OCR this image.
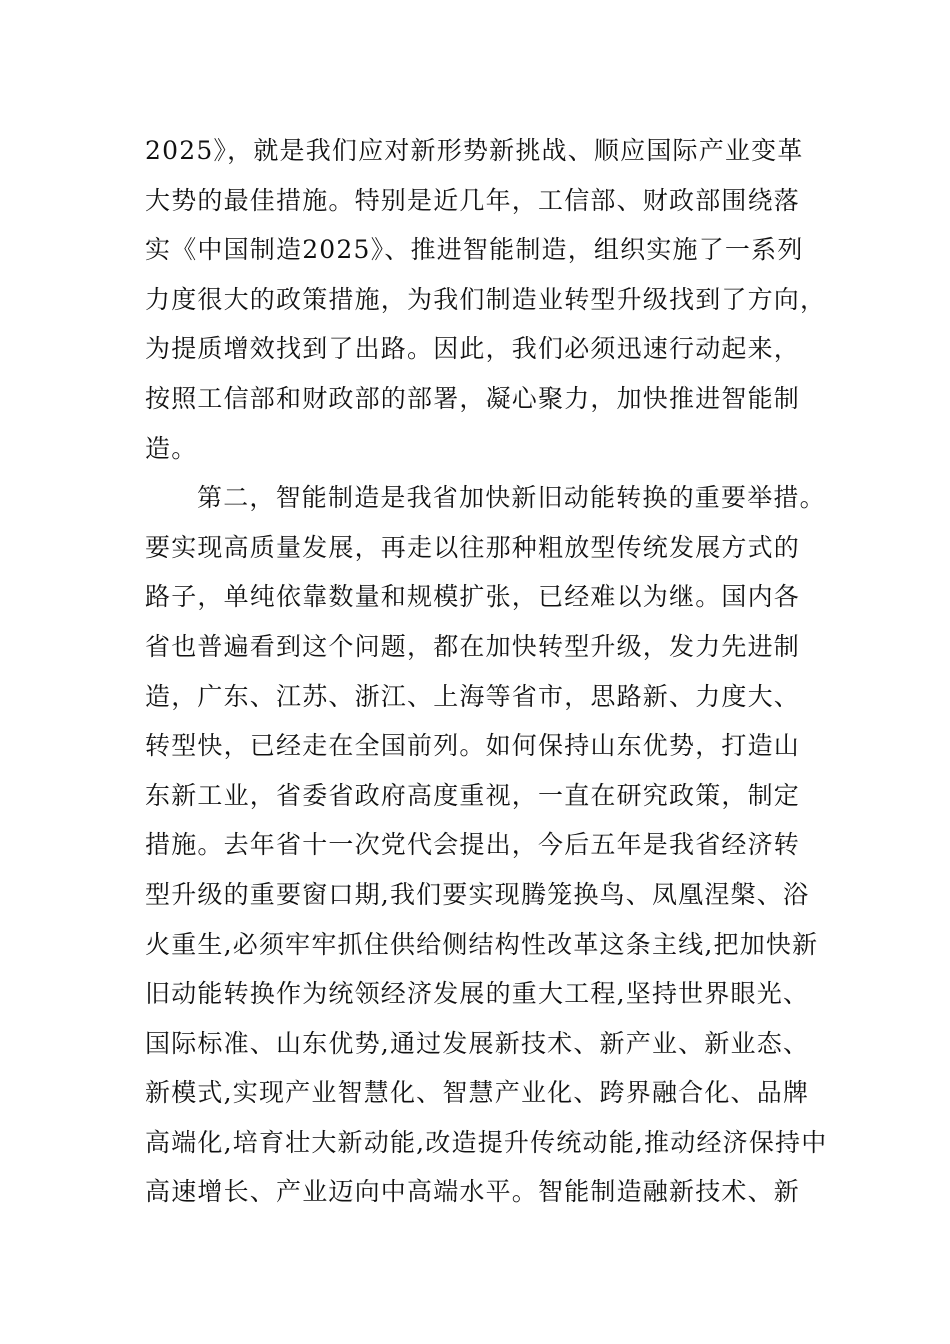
2025》，就是我们应对新形势新挑战、顺应国际产业变革
大势的最佳措施。特别是近几年，工信部、财政部围绕落
实《中国制造2025》、推进智能制造，组织实施了一系列
力度很大的政策措施，为我们制造业转型升级找到了方向，
为提质增效找到了出路。因此，我们必须迅速行动起来，
按照工信部和财政部的部署，凝心聚力，加快推进智能制
造。
第二，智能制造是我省加快新旧动能转换的重要举措。
要实现高质量发展，再走以往那种粗放型传统发展方式的
路子，单纯依靠数量和规模扩张，已经难以为继。国内各
省也普遍看到这个问题，都在加快转型升级，发力先进制
造，广东、江苏、浙江、上海等省市，思路新、力度大、
转型快，已经走在全国前列。如何保持山东优势，打造山
东新工业，省委省政府高度重视，一直在研究政策，制定
措施。去年省十一次党代会提出，今后五年是我省经济转
型升级的重要窗口期,我们要实现腾笼换鸟、凤凰涅槃、浴
火重生,必须牢牢抓住供给侧结构性改革这条主线,把加快新
旧动能转换作为统领经济发展的重大工程,坚持世界眼光、
国际标准、山东优势,通过发展新技术、新产业、新业态、
新模式,实现产业智慧化、智慧产业化、跨界融合化、品牌
高端化,培育壮大新动能,改造提升传统动能,推动经济保持中
高速增长、产业迈向中高端水平。智能制造融新技术、新
